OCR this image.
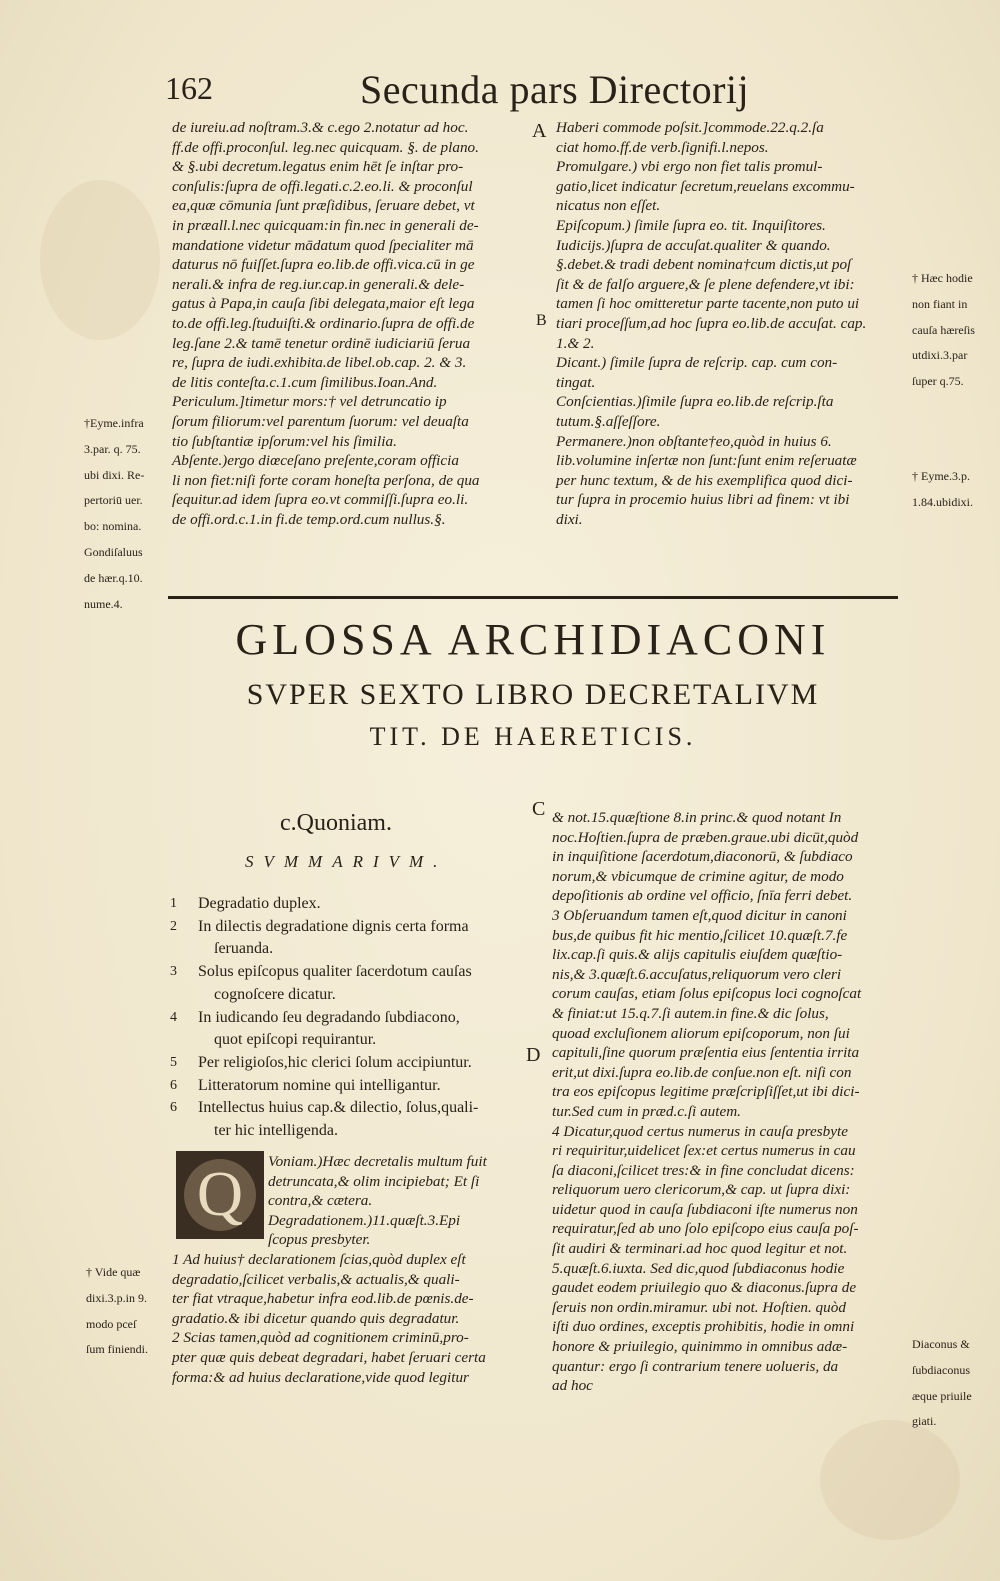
162	Secunda pars Directorij

de iureiu.ad noſtram.3.& c.ego 2.notatur ad hoc.

ff.de offi.proconſul. leg.nec quicquam. §. de plano.

& §.ubi decretum.legatus enim hēt ſe inſtar pro-

conſulis:ſupra de offi.legati.c.2.eo.li. & proconſul

ea,quæ cōmunia ſunt præſidibus, ſeruare debet, vt

in præall.l.nec quicquam:in fin.nec in generali de-

mandatione videtur mādatum quod ſpecialiter mā

daturus nō fuiſſet.ſupra eo.lib.de offi.vica.cū in ge

nerali.& infra de reg.iur.cap.in generali.& dele-

gatus à Papa,in cauſa ſibi delegata,maior eſt lega

to.de offi.leg.ſtuduiſti.& ordinario.ſupra de offi.de

leg.ſane 2.& tamē tenetur ordinē iudiciariū ſerua

re, ſupra de iudi.exhibita.de libel.ob.cap. 2. & 3.

de litis conteſta.c.1.cum ſimilibus.Ioan.And.

Periculum.]timetur mors:† vel detruncatio ip

ſorum filiorum:vel parentum ſuorum: vel deuaſta

tio ſubſtantiæ ipſorum:vel his ſimilia.

Abſente.)ergo diœceſano preſente,coram officia

li non fiet:niſi forte coram honeſta perſona, de qua

ſequitur.ad idem ſupra eo.vt commiſſi.ſupra eo.li.

de offi.ord.c.1.in fi.de temp.ord.cum nullus.§.

†Eyme.infra

3.par. q. 75.

ubi dixi. Re-

pertoriū uer.

bo: nomina.

Gondiſaluus

de hær.q.10.

nume.4.

A
B

Haberi commode poſsit.]commode.22.q.2.ſa

ciat homo.ff.de verb.ſignifi.l.nepos.

Promulgare.) vbi ergo non fiet talis promul-

gatio,licet indicatur ſecretum,reuelans excommu-

nicatus non eſſet.

Epiſcopum.) ſimile ſupra eo. tit. Inquiſitores.

Iudicijs.)ſupra de accuſat.qualiter & quando.

§.debet.& tradi debent nomina†cum dictis,ut poſ

ſit & de falſo arguere,& ſe plene defendere,vt ibi:

tamen ſi hoc omitteretur parte tacente,non puto ui

tiari proceſſum,ad hoc ſupra eo.lib.de accuſat. cap.

1.& 2.

Dicant.) ſimile ſupra de reſcrip. cap. cum con-

tingat.

Conſcientias.)ſimile ſupra eo.lib.de reſcrip.ſta

tutum.§.aſſeſſore.

Permanere.)non obſtante†eo,quòd in huius 6.

lib.volumine inſertæ non ſunt:ſunt enim reſeruatæ

per hunc textum, & de his exemplifica quod dici-

tur ſupra in procemio huius libri ad finem: vt ibi

dixi.

† Hæc hodie

non fiant in

cauſa hæreſis

utdixi.3.par

ſuper q.75.

† Eyme.3.p.

1.84.ubidixi.

GLOSSA ARCHIDIACONI
SVPER SEXTO LIBRO DECRETALIVM
TIT. DE HAERETICIS.
c.Quoniam.
SVMMARIVM.
1 Degradatio duplex.
2 In dilectis degradatione dignis certa forma
ſeruanda.
3 Solus epiſcopus qualiter ſacerdotum cauſas
cognoſcere dicatur.
4 In iudicando ſeu degradando ſubdiacono,
quot epiſcopi requirantur.
5 Per religioſos,hic clerici ſolum accipiuntur.
6 Litteratorum nomine qui intelligantur.
6 Intellectus huius cap.& dilectio, ſolus,quali-
ter hic intelligenda.
C
D
Q	Voniam.)Hæc decretalis multum fuit

detruncata,& olim incipiebat; Et ſi

contra,& cætera.

Degradationem.)11.quæſt.3.Epi

ſcopus presbyter.

1 Ad huius† declarationem ſcias,quòd duplex eſt

degradatio,ſcilicet verbalis,& actualis,& quali-

ter fiat vtraque,habetur infra eod.lib.de pœnis.de-

gradatio.& ibi dicetur quando quis degradatur.

2 Scias tamen,quòd ad cognitionem criminū,pro-

pter quæ quis debeat degradari, habet ſeruari certa

forma:& ad huius declaratione,vide quod legitur

† Vide quæ

dixi.3.p.in 9.

modo pceſ

ſum finiendi.

& not.15.quæſtione 8.in princ.& quod notant In

noc.Hoſtien.ſupra de præben.graue.ubi dicūt,quòd

in inquiſitione ſacerdotum,diaconorū, & ſubdiaco

norum,& vbicumque de crimine agitur, de modo

depoſitionis ab ordine vel officio, ſnīa ferri debet.

3 Obſeruandum tamen eſt,quod dicitur in canoni

bus,de quibus fit hic mentio,ſcilicet 10.quæſt.7.fe

lix.cap.ſi quis.& alijs capitulis eiuſdem quæſtio-

nis,& 3.quæſt.6.accuſatus,reliquorum vero cleri

corum cauſas, etiam ſolus epiſcopus loci cognoſcat

& finiat:ut 15.q.7.ſi autem.in fine.& dic ſolus,

quoad excluſionem aliorum epiſcoporum, non ſui

capituli,ſine quorum præſentia eius ſententia irrita

erit,ut dixi.ſupra eo.lib.de conſue.non eſt. niſi con

tra eos epiſcopus legitime præſcripſiſſet,ut ibi dici-

tur.Sed cum in præd.c.ſi autem.

4 Dicatur,quod certus numerus in cauſa presbyte

ri requiritur,uidelicet ſex:et certus numerus in cau

ſa diaconi,ſcilicet tres:& in fine concludat dicens:

reliquorum uero clericorum,& cap. ut ſupra dixi:

uidetur quod in cauſa ſubdiaconi iſte numerus non

requiratur,ſed ab uno ſolo epiſcopo eius cauſa poſ-

ſit audiri & terminari.ad hoc quod legitur et not.

5.quæſt.6.iuxta. Sed dic,quod ſubdiaconus hodie

gaudet eodem priuilegio quo & diaconus.ſupra de

ſeruis non ordin.miramur. ubi not. Hoſtien. quòd

iſti duo ordines, exceptis prohibitis, hodie in omni

honore & priuilegio, quinimmo in omnibus adæ-

quantur: ergo ſi contrarium tenere uolueris, da

ad hoc

Diaconus &

ſubdiaconus

æque priuile

giati.
